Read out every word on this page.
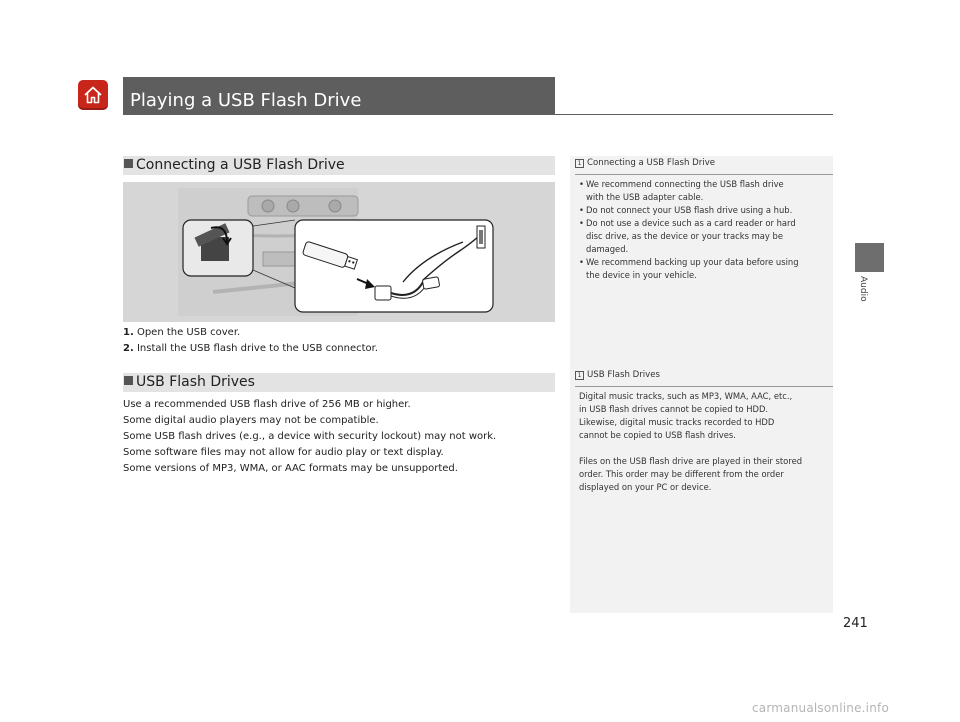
Playing a USB Flash Drive
Audio
Connecting a USB Flash Drive
1. Open the USB cover.
2. Install the USB flash drive to the USB connector.
USB Flash Drives
Use a recommended USB flash drive of 256 MB or higher.
Some digital audio players may not be compatible.
Some USB flash drives (e.g., a device with security lockout) may not work.
Some software files may not allow for audio play or text display.
Some versions of MP3, WMA, or AAC formats may be unsupported.
1 Connecting a USB Flash Drive
• We recommend connecting the USB flash drive
with the USB adapter cable.
• Do not connect your USB flash drive using a hub.
• Do not use a device such as a card reader or hard
disc drive, as the device or your tracks may be
damaged.
• We recommend backing up your data before using
the device in your vehicle.
1 USB Flash Drives
Digital music tracks, such as MP3, WMA, AAC, etc.,
in USB flash drives cannot be copied to HDD.
Likewise, digital music tracks recorded to HDD
cannot be copied to USB flash drives.
Files on the USB flash drive are played in their stored
order. This order may be different from the order
displayed on your PC or device.
241
carmanualsonline.info
